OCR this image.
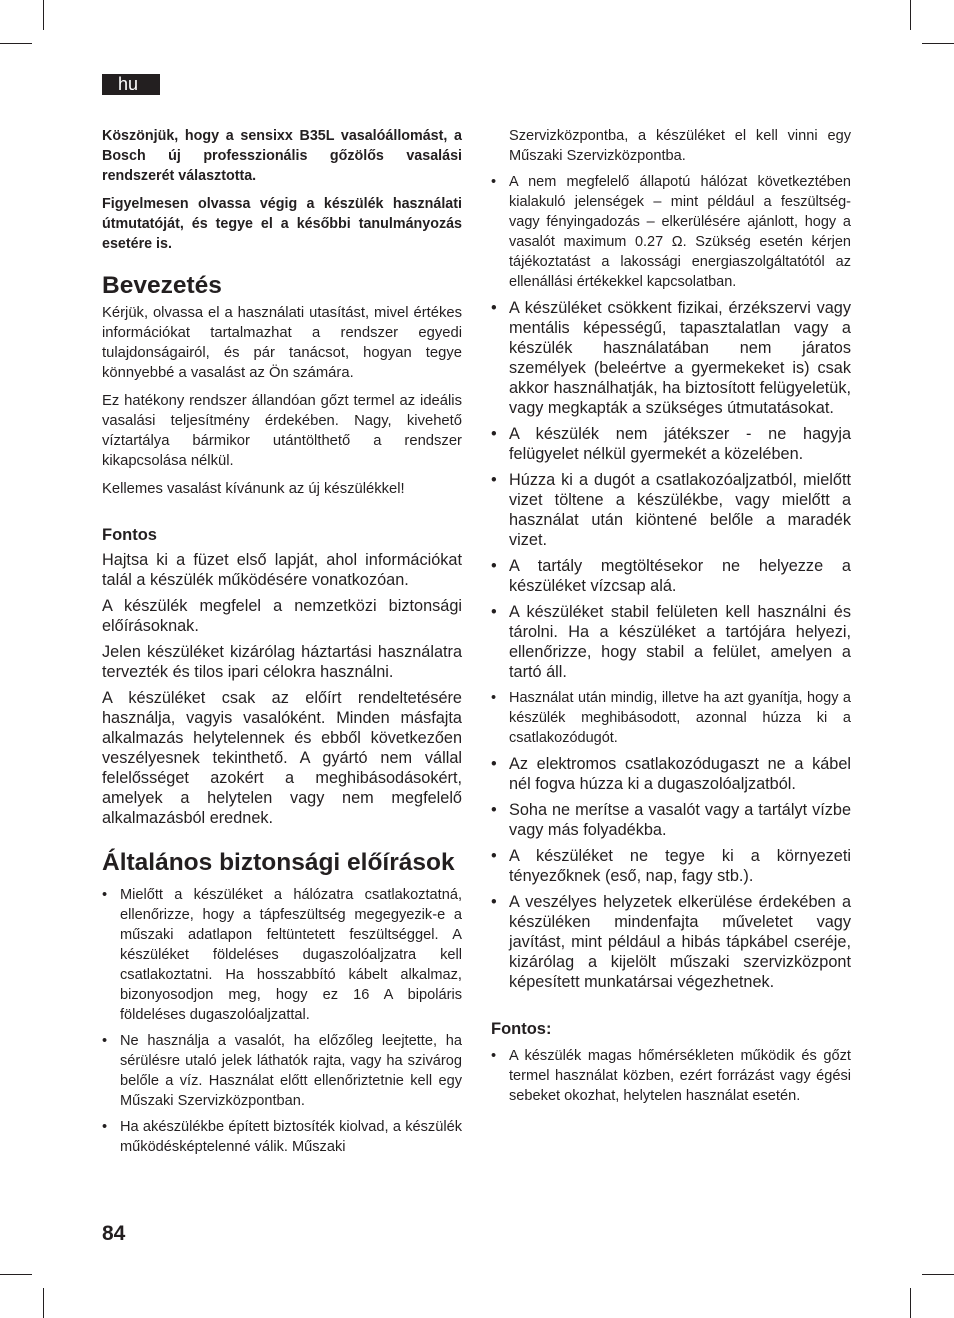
hu

Köszönjük, hogy a sensixx B35L vasalóállomást, a Bosch új professzionális gőzölős vasalási rendszerét választotta.

Figyelmesen olvassa végig a készülék használati útmutatóját, és tegye el a későbbi tanulmányozás esetére is.

Bevezetés

Kérjük, olvassa el a használati utasítást, mivel értékes információkat tartalmazhat a rendszer egyedi tulajdonságairól, és pár tanácsot, hogyan tegye könnyebbé a vasalást az Ön számára.

Ez hatékony rendszer állandóan gőzt termel az ideális vasalási teljesítmény érdekében. Nagy, kivehető víztartálya bármikor utántölthető a rendszer kikapcsolása nélkül.

Kellemes vasalást kívánunk az új készülékkel!

Fontos

Hajtsa ki a füzet első lapját, ahol információkat talál a készülék működésére vonatkozóan.

A készülék megfelel a nemzetközi biztonsági előírásoknak.

Jelen készüléket kizárólag háztartási használatra tervezték és tilos ipari célokra használni.

A készüléket csak az előírt rendeltetésére használja, vagyis vasalóként. Minden másfajta alkalmazás helytelennek és ebből következően veszélyesnek tekinthető. A gyártó nem vállal felelősséget azokért a meghibásodásokért, amelyek a helytelen vagy nem megfelelő alkalmazásból erednek.

Általános biztonsági előírások
• Mielőtt a készüléket a hálózatra csatlakoztatná, ellenőrizze, hogy a tápfeszültség megegyezik-e a műszaki adatlapon feltüntetett feszültséggel. A készüléket földeléses dugaszolóaljzatra kell csatlakoztatni. Ha hosszabbító kábelt alkalmaz, bizonyosodjon meg, hogy ez 16 A bipoláris földeléses dugaszolóaljzattal.
• Ne használja a vasalót, ha előzőleg leejtette, ha sérülésre utaló jelek láthatók rajta, vagy ha szivárog belőle a víz. Használat előtt ellenőriztetnie kell egy Műszaki Szervizközpontban.
• Ha akészülékbe épített biztosíték kiolvad, a készülék működésképtelenné válik. Műszaki

Szervizközpontba, a készüléket el kell vinni egy Műszaki Szervizközpontba.

• A nem megfelelő állapotú hálózat következtében kialakuló jelenségek – mint például a feszültség- vagy fényingadozás – elkerülésére ajánlott, hogy a vasalót maximum 0.27 Ω. Szükség esetén kérjen tájékoztatást a lakossági energiaszolgáltatótól az ellenállási értékekkel kapcsolatban.
• A készüléket csökkent fizikai, érzékszervi vagy mentális képességű, tapasztalatlan vagy a készülék használatában nem járatos személyek (beleértve a gyermekeket is) csak akkor használhatják, ha biztosított felügyeletük, vagy megkapták a szükséges útmutatásokat.
• A készülék nem játékszer - ne hagyja felügyelet nélkül gyermekét a közelében.
• Húzza ki a dugót a csatlakozóaljzatból, mielőtt vizet töltene a készülékbe, vagy mielőtt a használat után kiöntené belőle a maradék vizet.
• A tartály megtöltésekor ne helyezze a készüléket vízcsap alá.
• A készüléket stabil felületen kell használni és tárolni. Ha a készüléket a tartójára helyezi, ellenőrizze, hogy stabil a felület, amelyen a tartó áll.
• Használat után mindig, illetve ha azt gyanítja, hogy a készülék meghibásodott, azonnal húzza ki a csatlakozódugót.
• Az elektromos csatlakozódugaszt ne a kábel nél fogva húzza ki a dugaszolóaljzatból.
• Soha ne merítse a vasalót vagy a tartályt vízbe vagy más folyadékba.
• A készüléket ne tegye ki a környezeti tényezőknek (eső, nap, fagy stb.).
• A veszélyes helyzetek elkerülése érdekében a készüléken mindenfajta műveletet vagy javítást, mint például a hibás tápkábel cseréje, kizárólag a kijelölt műszaki szervizközpont képesített munkatársai végezhetnek.
Fontos:
• A készülék magas hőmérsékleten működik és gőzt termel használat közben, ezért forrázást vagy égési sebeket okozhat, helytelen használat esetén.
84
